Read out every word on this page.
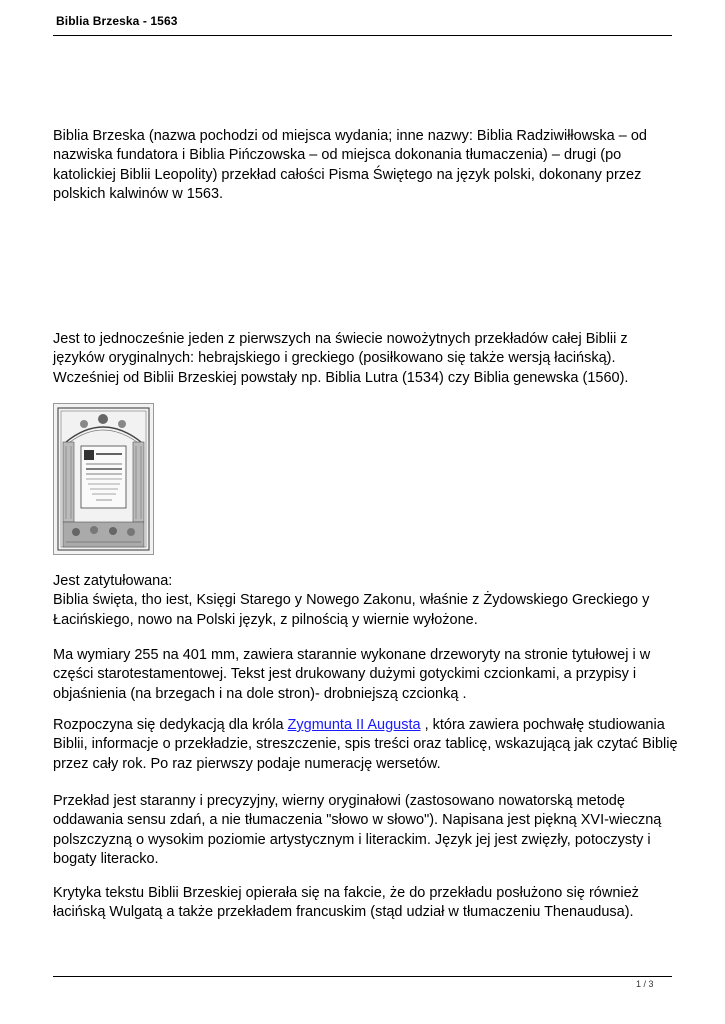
Biblia Brzeska - 1563

Biblia Brzeska (nazwa pochodzi od miejsca wydania; inne nazwy: Biblia Radziwiłłowska – od nazwiska fundatora i Biblia Pińczowska – od miejsca dokonania tłumaczenia) – drugi (po katolickiej Biblii Leopolity) przekład całości Pisma Świętego na język polski, dokonany przez polskich kalwinów w 1563.

Jest to jednocześnie jeden z pierwszych na świecie nowożytnych przekładów całej Biblii z języków oryginalnych: hebrajskiego i greckiego (posiłkowano się także wersją łacińską). Wcześniej od Biblii Brzeskiej powstały np. Biblia Lutra (1534) czy Biblia genewska (1560).

Jest zatytułowana:
Biblia święta, tho iest, Księgi Starego y Nowego Zakonu, właśnie z Żydowskiego Greckiego y Łacińskiego, nowo na Polski język, z pilnością y wiernie wyłożone.

Ma wymiary 255 na 401 mm, zawiera starannie wykonane drzeworyty na stronie tytułowej i w części starotestamentowej. Tekst jest drukowany dużymi gotyckimi czcionkami, a przypisy i objaśnienia (na brzegach i na dole stron)- drobniejszą czcionką .

Rozpoczyna się dedykacją dla króla Zygmunta II Augusta , która zawiera pochwałę studiowania Biblii, informacje o przekładzie, streszczenie, spis treści oraz tablicę, wskazującą jak czytać Biblię przez cały rok. Po raz pierwszy podaje numerację wersetów.

Przekład jest staranny i precyzyjny, wierny oryginałowi (zastosowano nowatorską metodę oddawania sensu zdań, a nie tłumaczenia "słowo w słowo"). Napisana jest piękną XVI-wieczną polszczyzną o wysokim poziomie artystycznym i literackim. Język jej jest zwięzły, potoczysty i bogaty literacko.

Krytyka tekstu Biblii Brzeskiej opierała się na fakcie, że do przekładu posłużono się również łacińską Wulgatą a także przekładem francuskim (stąd udział w tłumaczeniu Thenaudusa).

1 / 3
